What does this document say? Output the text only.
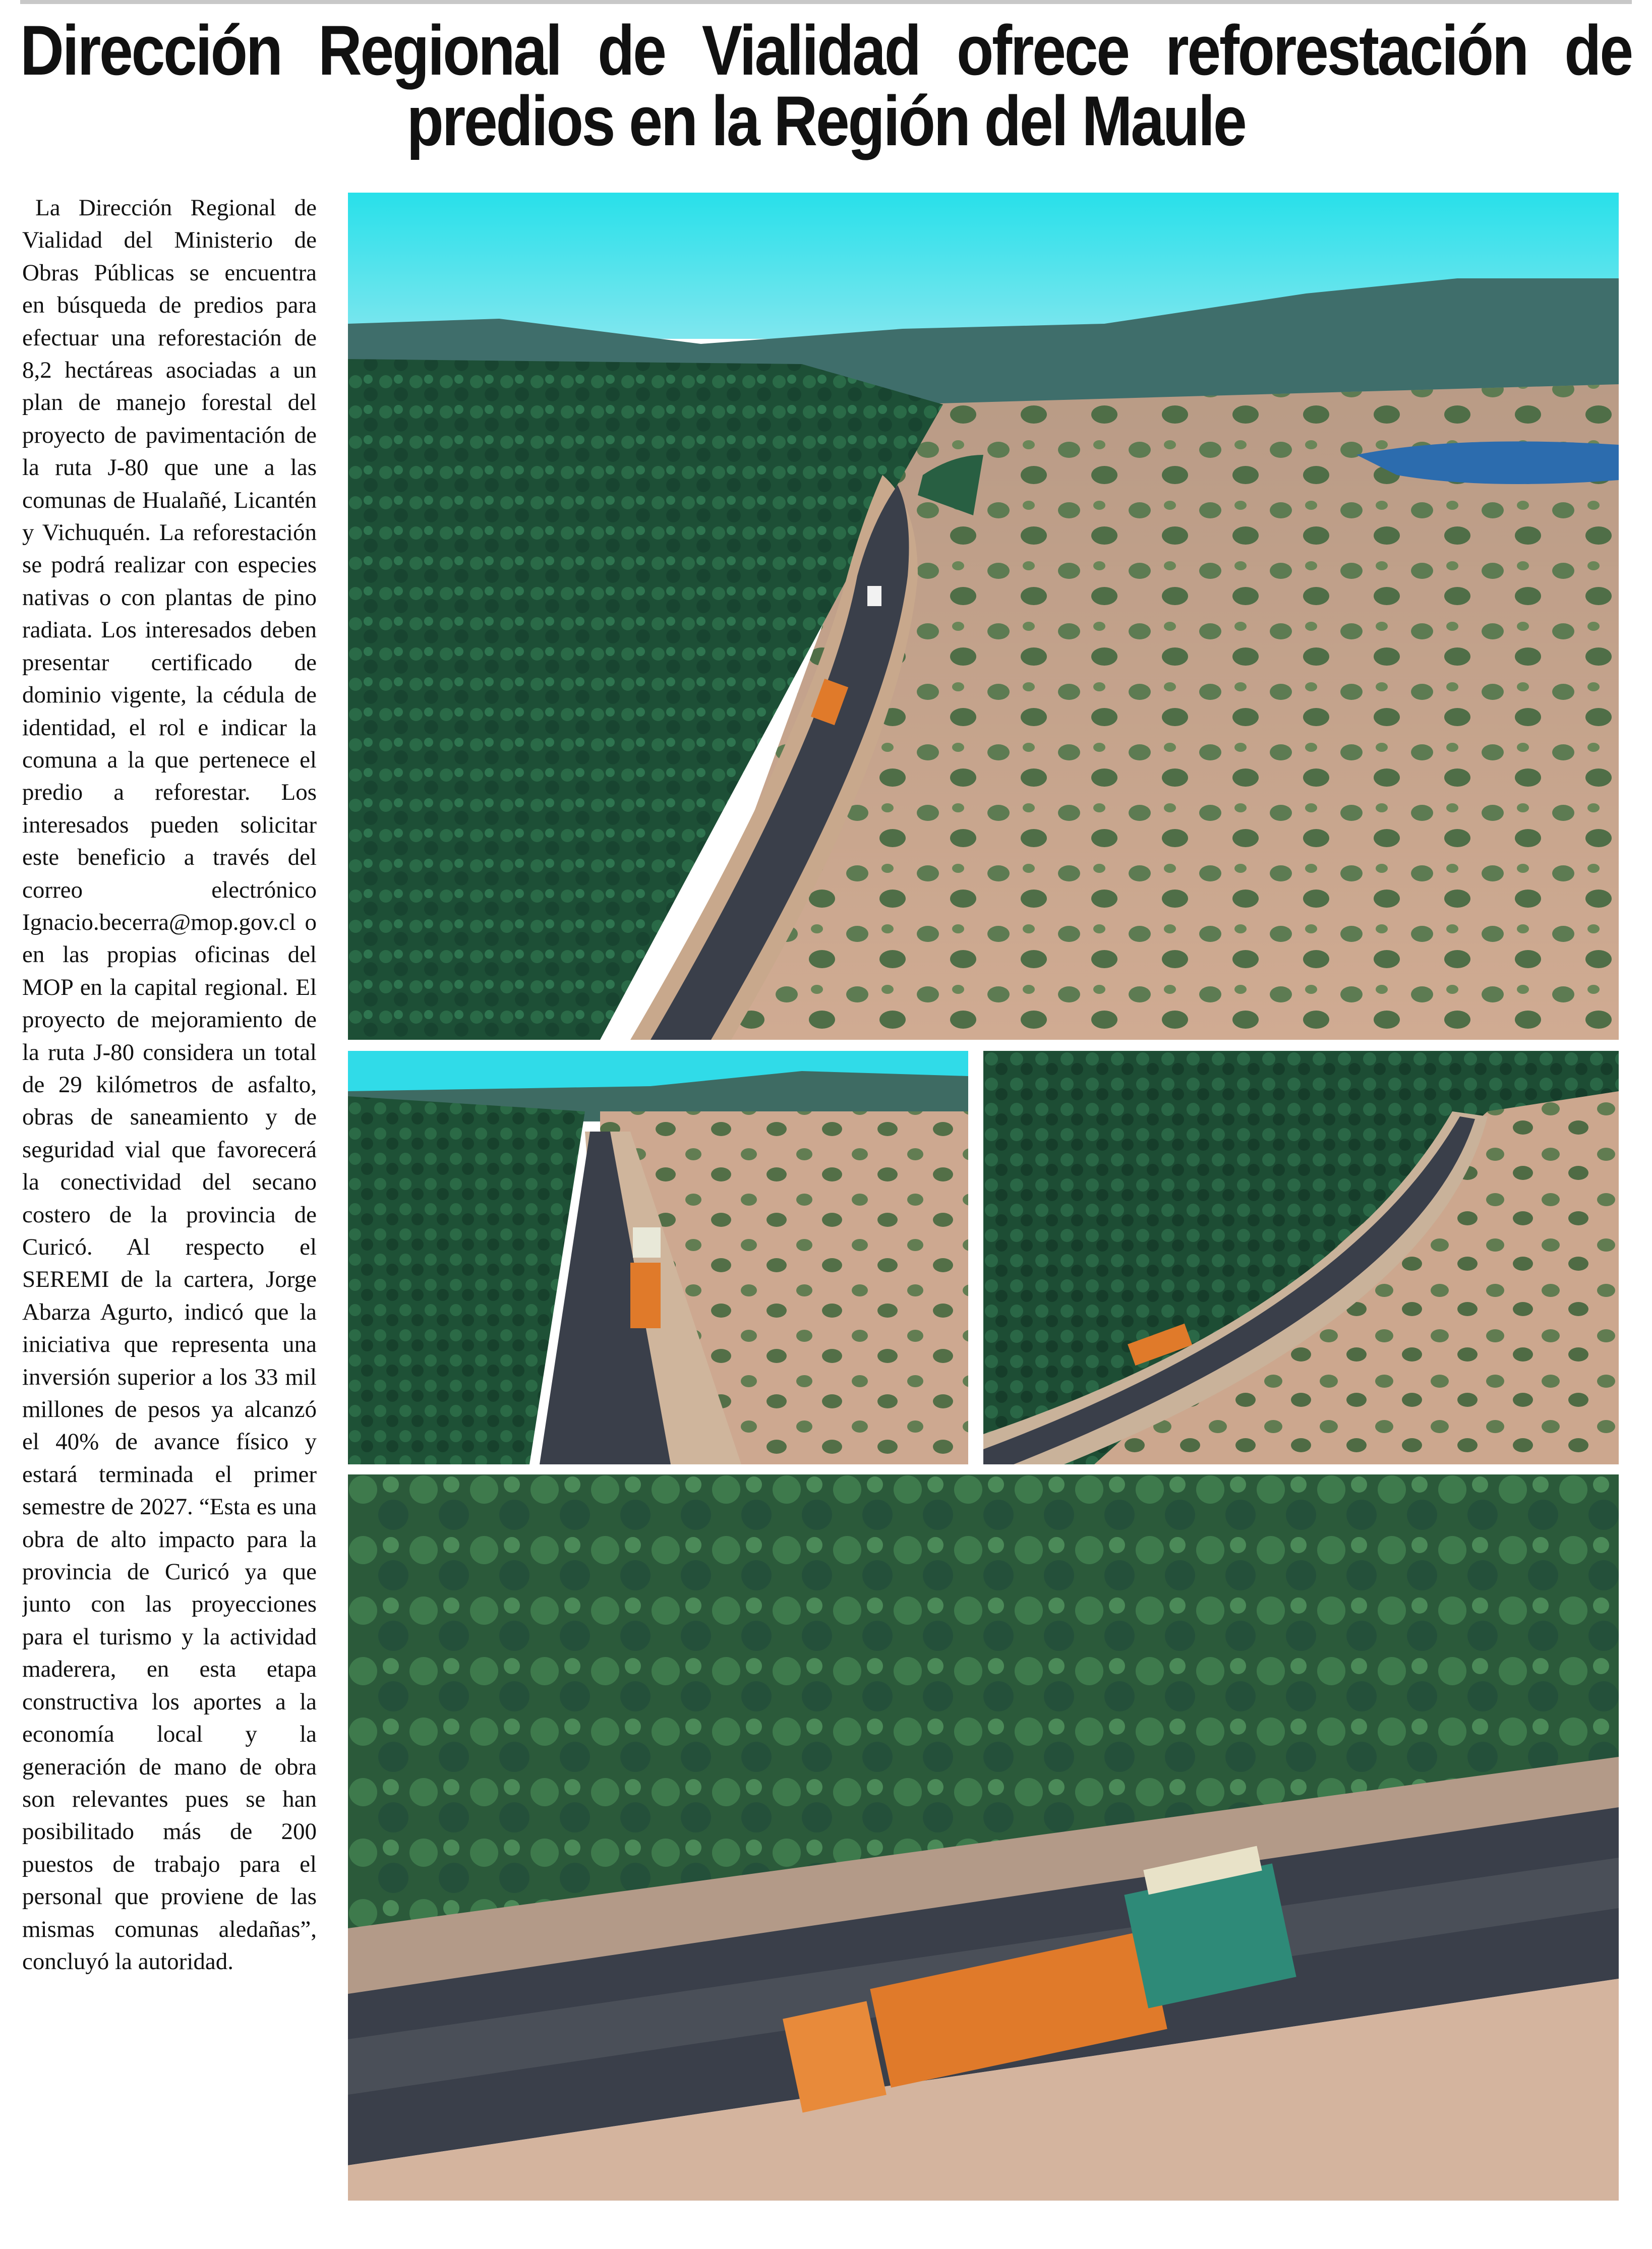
Dirección Regional de Vialidad ofrece reforestación de
predios en la Región del Maule

La Dirección Regional de Vialidad del Ministerio de Obras Públicas se encuentra en búsqueda de predios para efectuar una reforestación de 8,2 hectáreas asociadas a un plan de manejo forestal del proyecto de pavimentación de la ruta J-80 que une a las comunas de Hualañé, Licantén y Vichuquén. La reforestación se podrá realizar con especies nativas o con plantas de pino radiata. Los interesados deben presentar certificado de dominio vigente, la cédula de identidad, el rol e indicar la comuna a la que pertenece el predio a reforestar. Los interesados pueden solicitar este beneficio a través del correo electrónico Ignacio.becerra@mop.gov.cl o en las propias oficinas del MOP en la capital regional. El proyecto de mejoramiento de la ruta J-80 considera un total de 29 kilómetros de asfalto, obras de saneamiento y de seguridad vial que favorecerá la conectividad del secano costero de la provincia de Curicó. Al respecto el SEREMI de la cartera, Jorge Abarza Agurto, indicó que la iniciativa que representa una inversión superior a los 33 mil millones de pesos ya alcanzó el 40% de avance físico y estará terminada el primer semestre de 2027. “Esta es una obra de alto impacto para la provincia de Curicó ya que junto con las proyecciones para el turismo y la actividad maderera, en esta etapa constructiva los aportes a la economía local y la generación de mano de obra son relevantes pues se han posibilitado más de 200 puestos de trabajo para el personal que proviene de las mismas comunas aledañas”, concluyó la autoridad.
